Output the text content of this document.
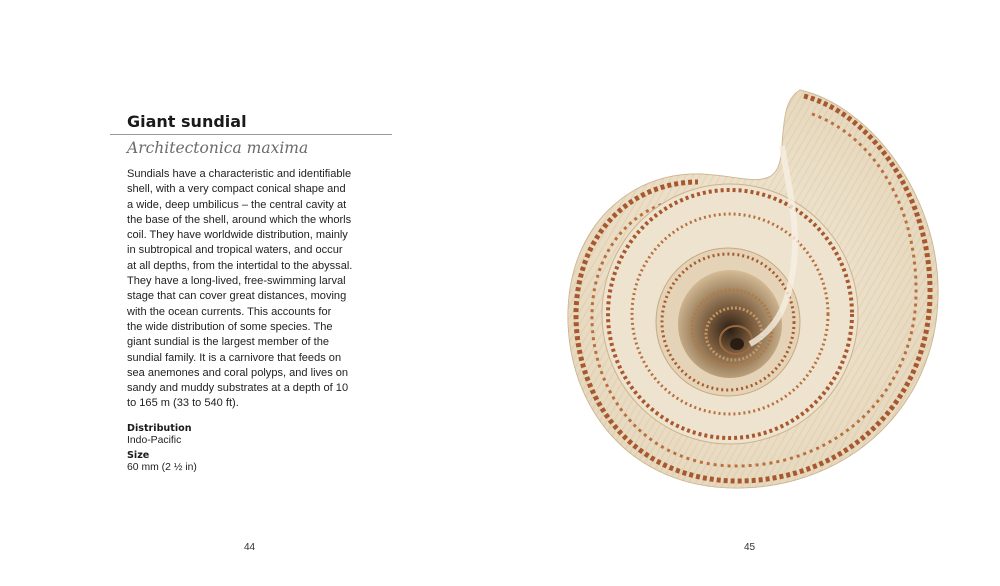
Giant sundial

Architectonica maxima

Sundials have a characteristic and identifiable
shell, with a very compact conical shape and
a wide, deep umbilicus – the central cavity at
the base of the shell, around which the whorls
coil. They have worldwide distribution, mainly
in subtropical and tropical waters, and occur
at all depths, from the intertidal to the abyssal.
They have a long-lived, free-swimming larval
stage that can cover great distances, moving
with the ocean currents. This accounts for
the wide distribution of some species. The
giant sundial is the largest member of the
sundial family. It is a carnivore that feeds on
sea anemones and coral polyps, and lives on
sandy and muddy substrates at a depth of 10
to 165 m (33 to 540 ft).

Distribution

Indo-Pacific

Size

60 mm (2 ½ in)

44	45
